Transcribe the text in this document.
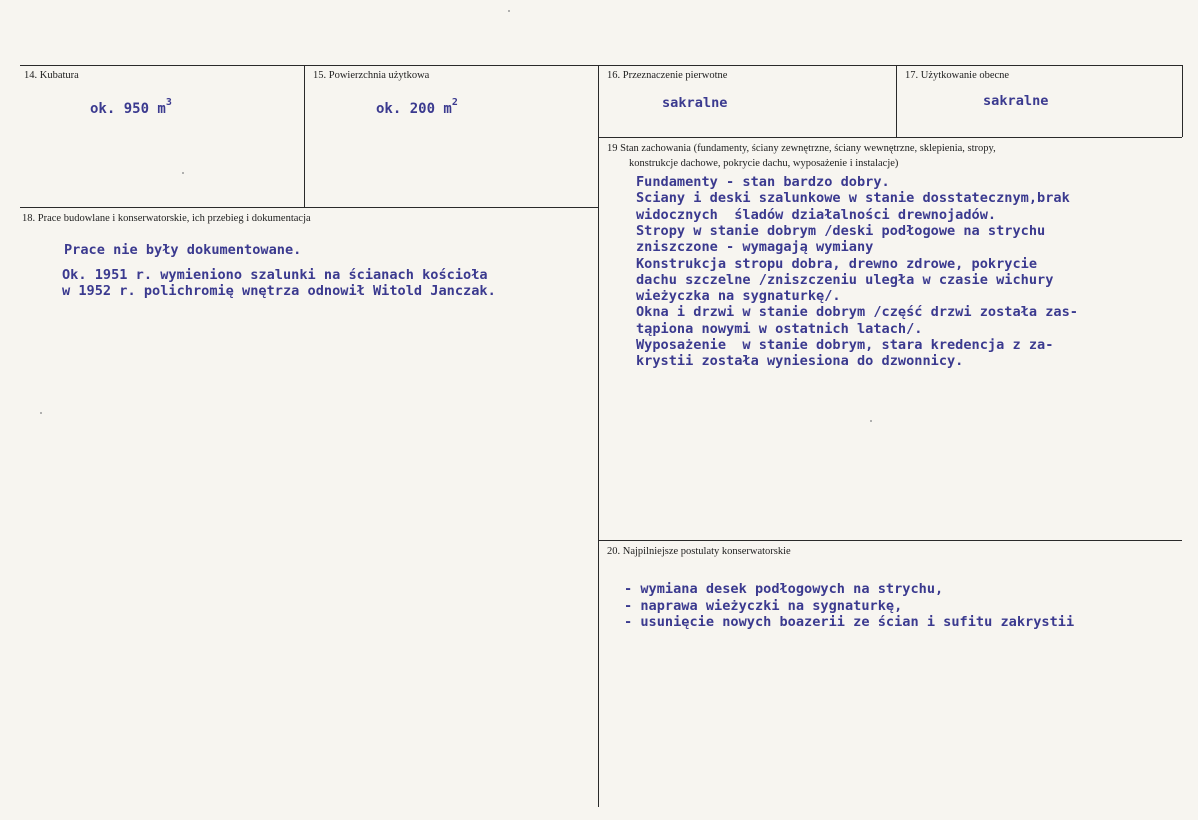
14. Kubatura
ok. 950 $m^3$
15. Powierzchnia użytkowa
ok. 200 $m^2$
16. Przeznaczenie pierwotne
sakralne
17. Użytkowanie obecne
sakralne
18. Prace budowlane i konserwatorskie, ich przebieg i dokumentacja
Prace nie były dokumentowane.
Ok. 1951 r. wymieniono szalunki na ścianach kościoła
w 1952 r. polichromię wnętrza odnowił Witold Janczak.
19 Stan zachowania (fundamenty, ściany zewnętrzne, ściany wewnętrzne, sklepienia, stropy,
konstrukcje dachowe, pokrycie dachu, wyposażenie i instalacje)
Fundamenty - stan bardzo dobry.
Sciany i deski szalunkowe w stanie dosstatecznym,brak
widocznych  śladów działalności drewnojadów.
Stropy w stanie dobrym /deski podłogowe na strychu
zniszczone - wymagają wymiany
Konstrukcja stropu dobra, drewno zdrowe, pokrycie
dachu szczelne /zniszczeniu uległa w czasie wichury
wieżyczka na sygnaturkę/.
Okna i drzwi w stanie dobrym /część drzwi została zas-
tąpiona nowymi w ostatnich latach/.
Wyposażenie  w stanie dobrym, stara kredencja z za-
krystii została wyniesiona do dzwonnicy.
20. Najpilniejsze postulaty konserwatorskie
- wymiana desek podłogowych na strychu,
- naprawa wieżyczki na sygnaturkę,
- usunięcie nowych boazerii ze ścian i sufitu zakrystii
